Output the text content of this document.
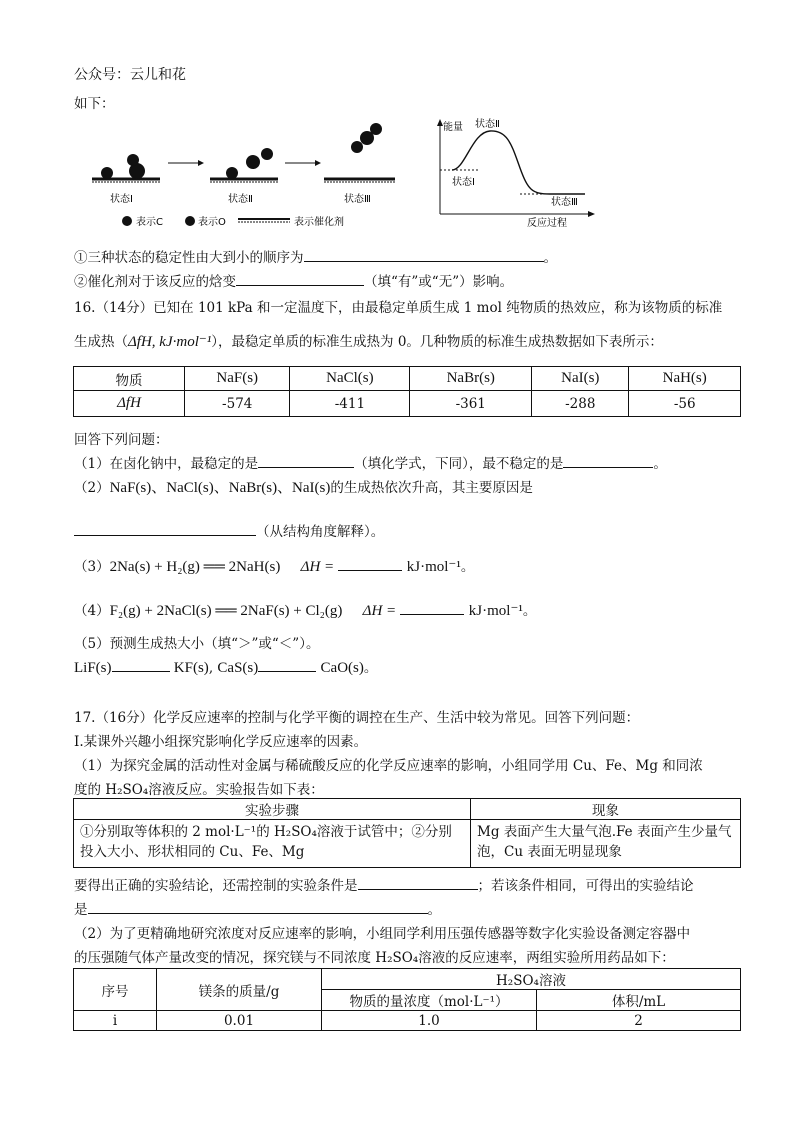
公众号：云儿和花
如下：
状态Ⅰ	状态Ⅱ	状态Ⅲ
表示C	表示O	表示催化剂
能量 状态Ⅱ
状态Ⅰ
状态Ⅲ
反应过程
①三种状态的稳定性由大到小的顺序为	。
②催化剂对于该反应的焓变	（填“有”或“无”）影响。
16.（14分）已知在 101 kPa 和一定温度下，由最稳定单质生成 1 mol 纯物质的热效应，称为该物质的标准
生成热（ΔfH, kJ·mol⁻¹），最稳定单质的标准生成热为 0。几种物质的标准生成热数据如下表所示：
物质	NaF(s)	NaCl(s)	NaBr(s)	NaI(s)	NaH(s)
ΔfH	-574	-411	-361	-288	-56
回答下列问题：
（1）在卤化钠中，最稳定的是	（填化学式，下同），最不稳定的是	。
（2）NaF(s)、NaCl(s)、NaBr(s)、NaI(s)的生成热依次升高，其主要原因是
（从结构角度解释）。
（3）2Na(s) + H₂(g) ══ 2NaH(s) ΔH =	kJ·mol⁻¹。
（4）F₂(g) + 2NaCl(s) ══ 2NaF(s) + Cl₂(g) ΔH =	kJ·mol⁻¹。
（5）预测生成热大小（填“＞”或“＜”）。
LiF(s)	KF(s), CaS(s)	CaO(s)。
17.（16分）化学反应速率的控制与化学平衡的调控在生产、生活中较为常见。回答下列问题：
Ⅰ.某课外兴趣小组探究影响化学反应速率的因素。
（1）为探究金属的活动性对金属与稀硫酸反应的化学反应速率的影响，小组同学用 Cu、Fe、Mg 和同浓
度的 H₂SO₄溶液反应。实验报告如下表：
实验步骤	现象
①分别取等体积的 2 mol·L⁻¹的 H₂SO₄溶液于试管中；②分别投入大小、形状相同的 Cu、Fe、Mg	Mg 表面产生大量气泡.Fe 表面产生少量气泡，Cu 表面无明显现象
要得出正确的实验结论，还需控制的实验条件是	；若该条件相同，可得出的实验结论
是	。
（2）为了更精确地研究浓度对反应速率的影响，小组同学利用压强传感器等数字化实验设备测定容器中
的压强随气体产量改变的情况，探究镁与不同浓度 H₂SO₄溶液的反应速率，两组实验所用药品如下：
序号	镁条的质量/g	H₂SO₄溶液	
		物质的量浓度（mol·L⁻¹）	体积/mL
i	0.01	1.0	2
